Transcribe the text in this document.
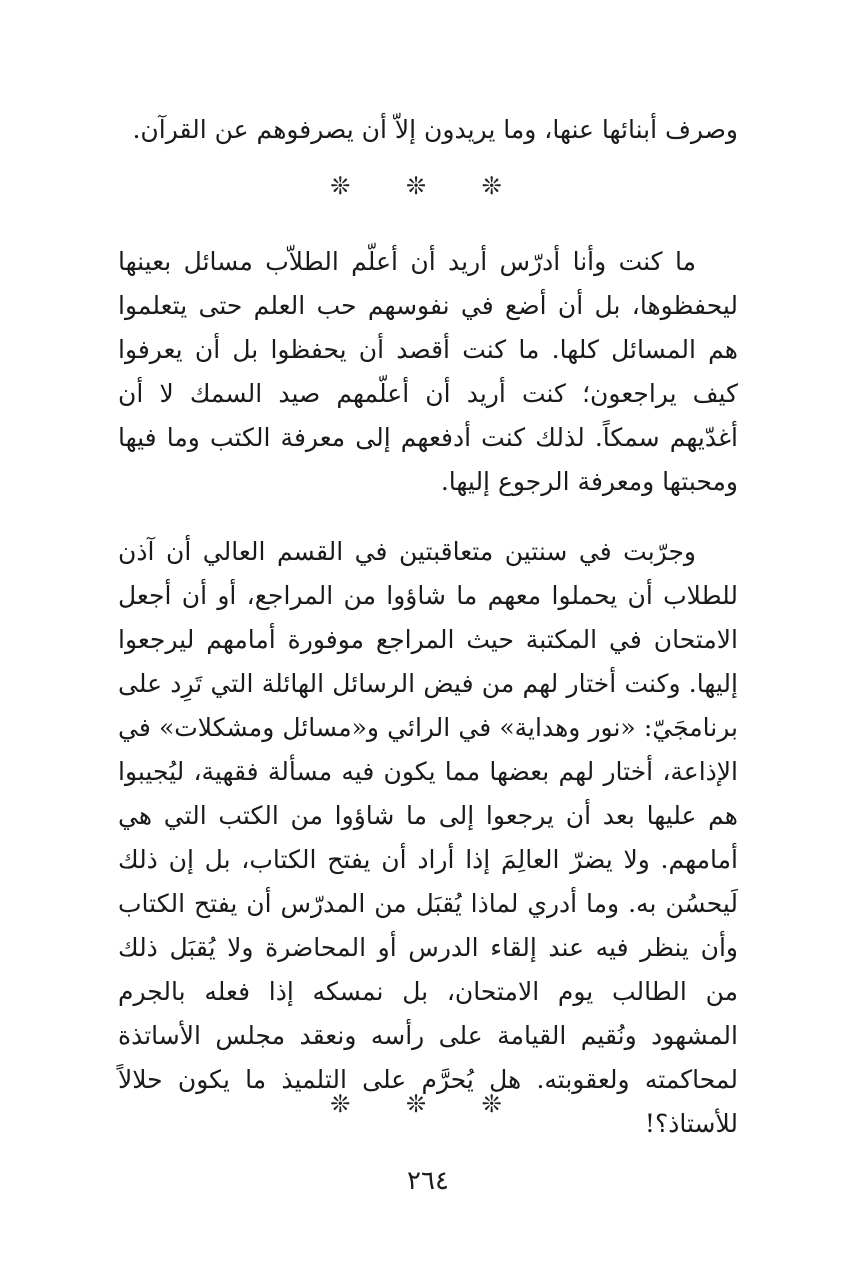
وصرف أبنائها عنها، وما يريدون إلاّ أن يصرفوهم عن القرآن.

❊ ❊ ❊

ما كنت وأنا أدرّس أريد أن أعلّم الطلاّب مسائل بعينها ليحفظوها، بل أن أضع في نفوسهم حب العلم حتى يتعلموا هم المسائل كلها. ما كنت أقصد أن يحفظوا بل أن يعرفوا كيف يراجعون؛ كنت أريد أن أعلّمهم صيد السمك لا أن أغدّيهم سمكاً. لذلك كنت أدفعهم إلى معرفة الكتب وما فيها ومحبتها ومعرفة الرجوع إليها.

وجرّبت في سنتين متعاقبتين في القسم العالي أن آذن للطلاب أن يحملوا معهم ما شاؤوا من المراجع، أو أن أجعل الامتحان في المكتبة حيث المراجع موفورة أمامهم ليرجعوا إليها. وكنت أختار لهم من فيض الرسائل الهائلة التي تَرِد على برنامجَيّ: «نور وهداية» في الرائي و«مسائل ومشكلات» في الإذاعة، أختار لهم بعضها مما يكون فيه مسألة فقهية، ليُجيبوا هم عليها بعد أن يرجعوا إلى ما شاؤوا من الكتب التي هي أمامهم. ولا يضرّ العالِمَ إذا أراد أن يفتح الكتاب، بل إن ذلك لَيحسُن به. وما أدري لماذا يُقبَل من المدرّس أن يفتح الكتاب وأن ينظر فيه عند إلقاء الدرس أو المحاضرة ولا يُقبَل ذلك من الطالب يوم الامتحان، بل نمسكه إذا فعله بالجرم المشهود ونُقيم القيامة على رأسه ونعقد مجلس الأساتذة لمحاكمته ولعقوبته. هل يُحرَّم على التلميذ ما يكون حلالاً للأستاذ؟!

❊ ❊ ❊

٢٦٤
